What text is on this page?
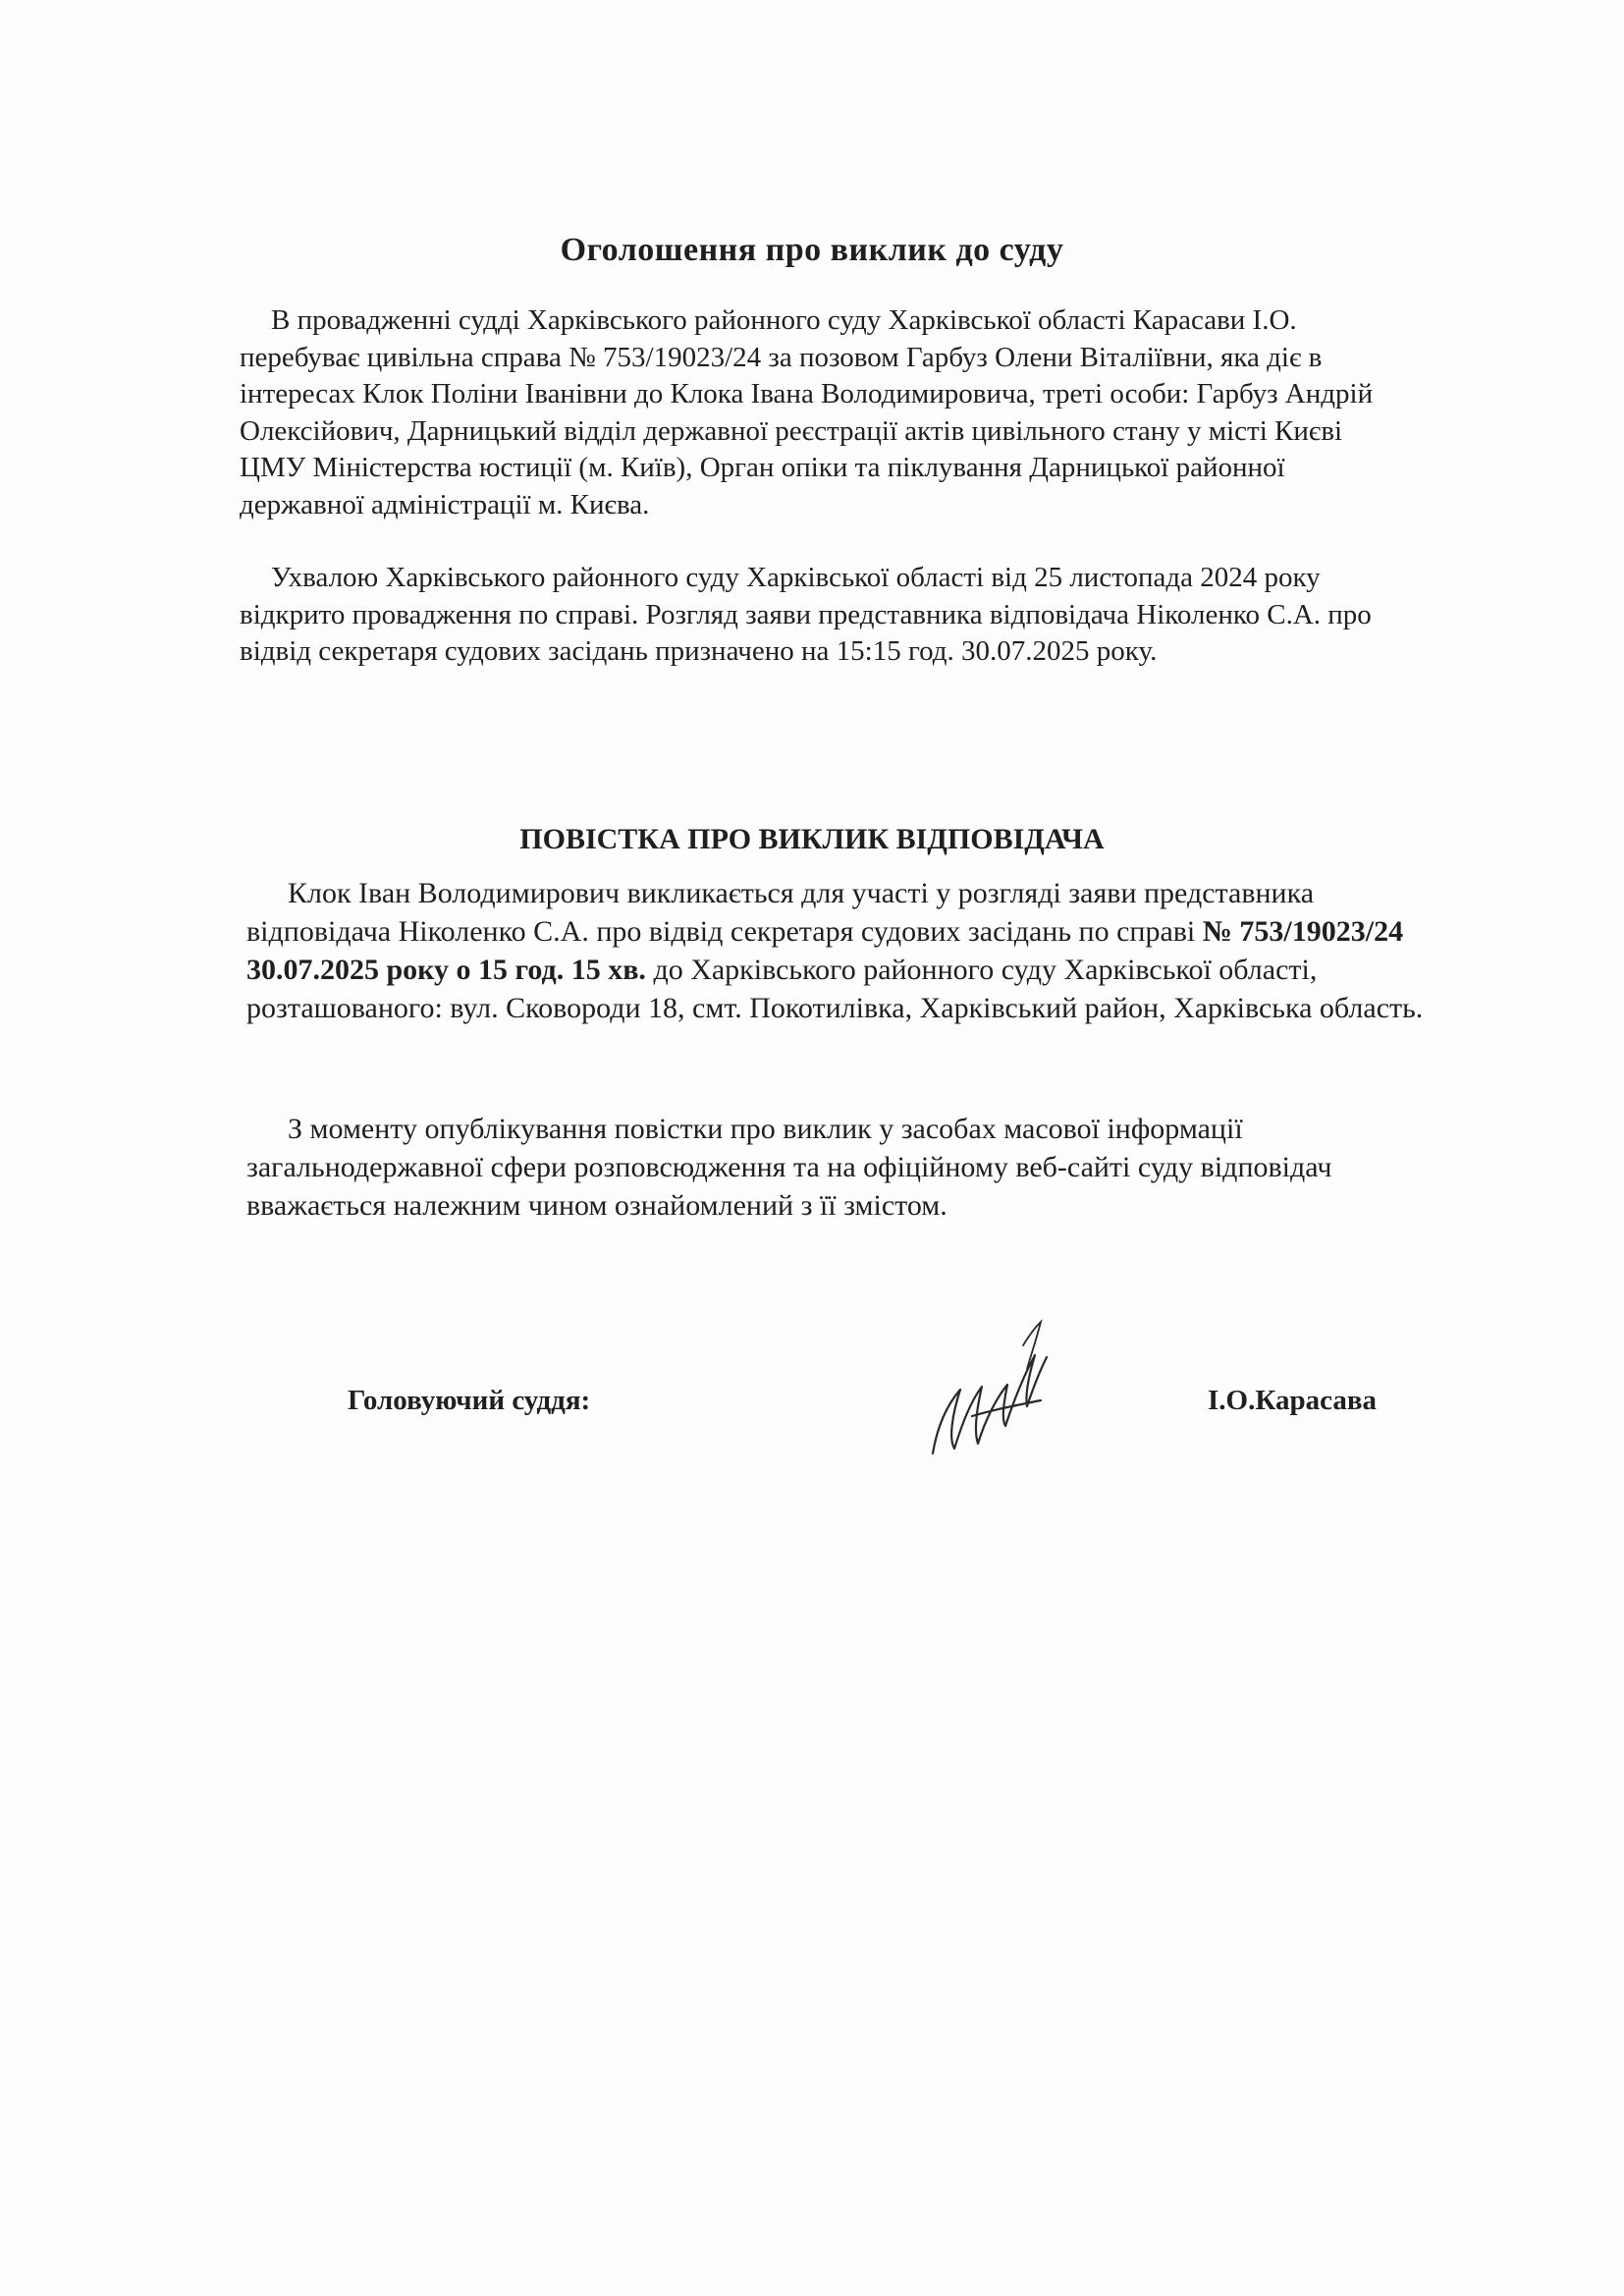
Оголошення про виклик до суду

В провадженні судді Харківського районного суду Харківської області Карасави І.О.
перебуває цивільна справа № 753/19023/24 за позовом Гарбуз Олени Віталіївни, яка діє в
інтересах Клок Поліни Іванівни до Клока Івана Володимировича, треті особи: Гарбуз Андрій
Олексійович, Дарницький відділ державної реєстрації актів цивільного стану у місті Києві
ЦМУ Міністерства юстиції (м. Київ), Орган опіки та піклування Дарницької районної
державної адміністрації м. Києва.

Ухвалою Харківського районного суду Харківської області від 25 листопада 2024 року
відкрито провадження по справі. Розгляд заяви представника відповідача Ніколенко С.А. про
відвід секретаря судових засідань призначено на 15:15 год. 30.07.2025 року.

ПОВІСТКА ПРО ВИКЛИК ВІДПОВІДАЧА

Клок Іван Володимирович викликається для участі у розгляді заяви представника
відповідача Ніколенко С.А. про відвід секретаря судових засідань по справі № 753/19023/24
30.07.2025 року о 15 год. 15 хв. до Харківського районного суду Харківської області,
розташованого: вул. Сковороди 18, смт. Покотилівка, Харківський район, Харківська область.

З моменту опублікування повістки про виклик у засобах масової інформації
загальнодержавної сфери розповсюдження та на офіційному веб-сайті суду відповідач
вважається належним чином ознайомлений з її змістом.

Головуючий суддя:	І.О.Карасава
